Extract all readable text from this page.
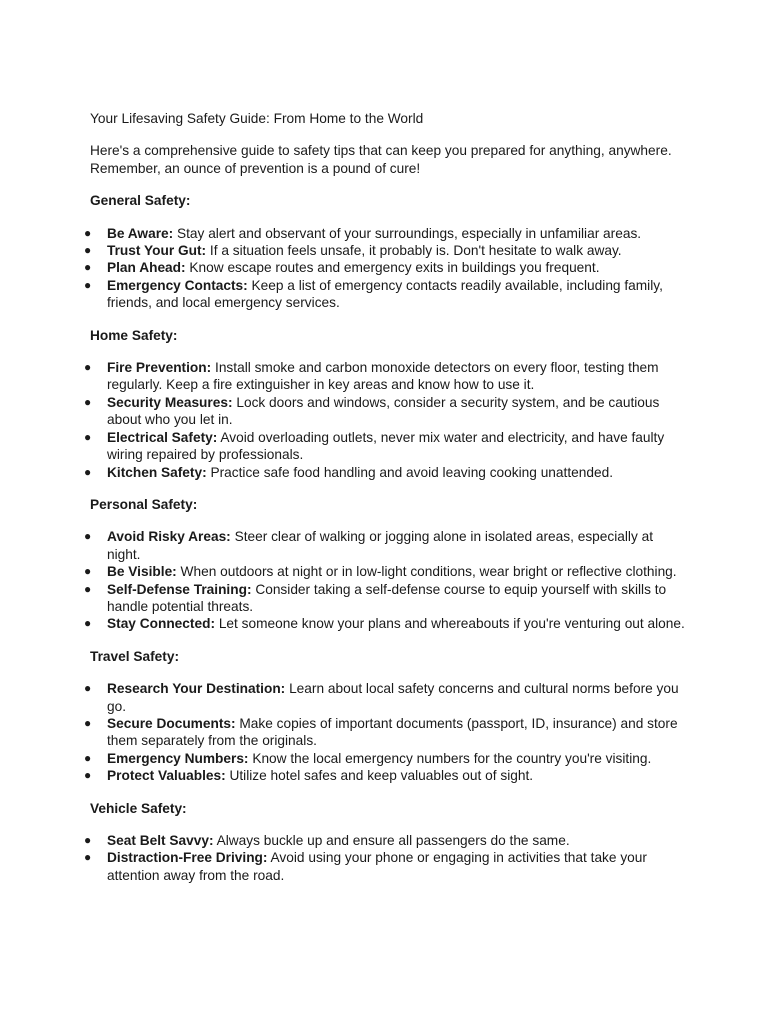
Your Lifesaving Safety Guide: From Home to the World

Here's a comprehensive guide to safety tips that can keep you prepared for anything, anywhere. Remember, an ounce of prevention is a pound of cure!

General Safety:

● Be Aware: Stay alert and observant of your surroundings, especially in unfamiliar areas.
● Trust Your Gut: If a situation feels unsafe, it probably is. Don't hesitate to walk away.
● Plan Ahead: Know escape routes and emergency exits in buildings you frequent.
● Emergency Contacts: Keep a list of emergency contacts readily available, including family, friends, and local emergency services.

Home Safety:

● Fire Prevention: Install smoke and carbon monoxide detectors on every floor, testing them regularly. Keep a fire extinguisher in key areas and know how to use it.
● Security Measures: Lock doors and windows, consider a security system, and be cautious about who you let in.
● Electrical Safety: Avoid overloading outlets, never mix water and electricity, and have faulty wiring repaired by professionals.
● Kitchen Safety: Practice safe food handling and avoid leaving cooking unattended.

Personal Safety:

● Avoid Risky Areas: Steer clear of walking or jogging alone in isolated areas, especially at night.
● Be Visible: When outdoors at night or in low-light conditions, wear bright or reflective clothing.
● Self-Defense Training: Consider taking a self-defense course to equip yourself with skills to handle potential threats.
● Stay Connected: Let someone know your plans and whereabouts if you're venturing out alone.

Travel Safety:

● Research Your Destination: Learn about local safety concerns and cultural norms before you go.
● Secure Documents: Make copies of important documents (passport, ID, insurance) and store them separately from the originals.
● Emergency Numbers: Know the local emergency numbers for the country you're visiting.
● Protect Valuables: Utilize hotel safes and keep valuables out of sight.

Vehicle Safety:

● Seat Belt Savvy: Always buckle up and ensure all passengers do the same.
● Distraction-Free Driving: Avoid using your phone or engaging in activities that take your attention away from the road.
